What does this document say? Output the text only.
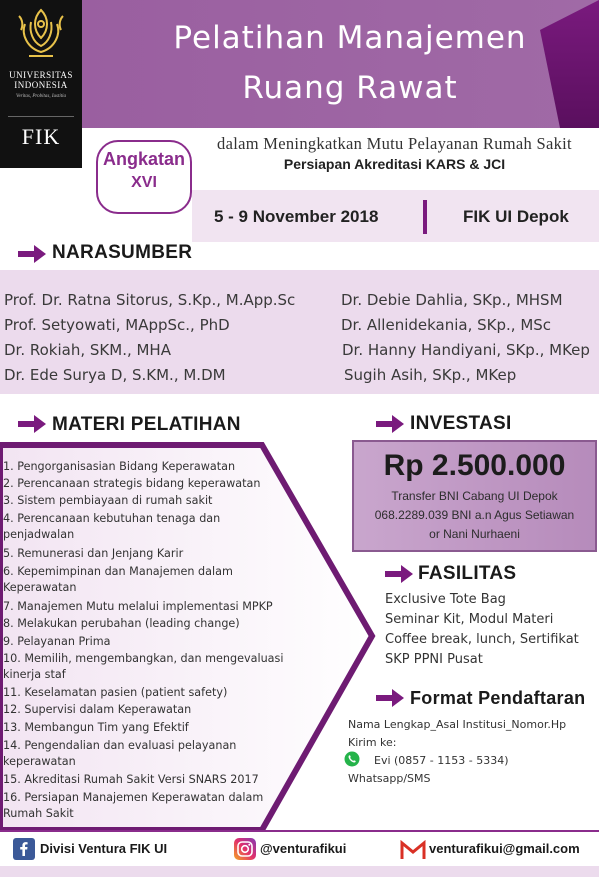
UNIVERSITAS INDONESIA
Veritas, Probitas, Iustitia
FIK
Pelatihan Manajemen
Ruang Rawat
dalam Meningkatkan Mutu Pelayanan Rumah Sakit
Persiapan Akreditasi KARS & JCI
Angkatan
XVI
5 - 9 November 2018	FIK UI Depok
NARASUMBER
Prof. Dr. Ratna Sitorus, S.Kp., M.App.Sc
Prof. Setyowati, MAppSc., PhD
Dr. Rokiah, SKM., MHA
Dr. Ede Surya D, S.KM., M.DM
Dr. Debie Dahlia, SKp., MHSM
Dr. Allenidekania, SKp., MSc
Dr. Hanny Handiyani, SKp., MKep
Sugih Asih, SKp., MKep
MATERI PELATIHAN
1. Pengorganisasian Bidang Keperawatan
2. Perencanaan strategis bidang keperawatan
3. Sistem pembiayaan di rumah sakit
4. Perencanaan kebutuhan tenaga dan
penjadwalan
5. Remunerasi dan Jenjang Karir
6. Kepemimpinan dan Manajemen dalam
Keperawatan
7. Manajemen Mutu melalui implementasi MPKP
8. Melakukan perubahan (leading change)
9. Pelayanan Prima
10. Memilih, mengembangkan, dan mengevaluasi
kinerja staf
11. Keselamatan pasien (patient safety)
12. Supervisi dalam Keperawatan
13. Membangun Tim yang Efektif
14. Pengendalian dan evaluasi pelayanan
keperawatan
15. Akreditasi Rumah Sakit Versi SNARS 2017
16. Persiapan Manajemen Keperawatan dalam
Rumah Sakit
INVESTASI
Rp 2.500.000
Transfer BNI Cabang UI Depok
068.2289.039 BNI a.n Agus Setiawan
or Nani Nurhaeni
FASILITAS
Exclusive Tote Bag
Seminar Kit, Modul Materi
Coffee break, lunch, Sertifikat
SKP PPNI Pusat
Format Pendaftaran
Nama Lengkap_Asal Institusi_Nomor.Hp
Kirim ke:
Evi (0857 - 1153 - 5334)
Whatsapp/SMS
Divisi Ventura FIK UI	@venturafikui	venturafikui@gmail.com
